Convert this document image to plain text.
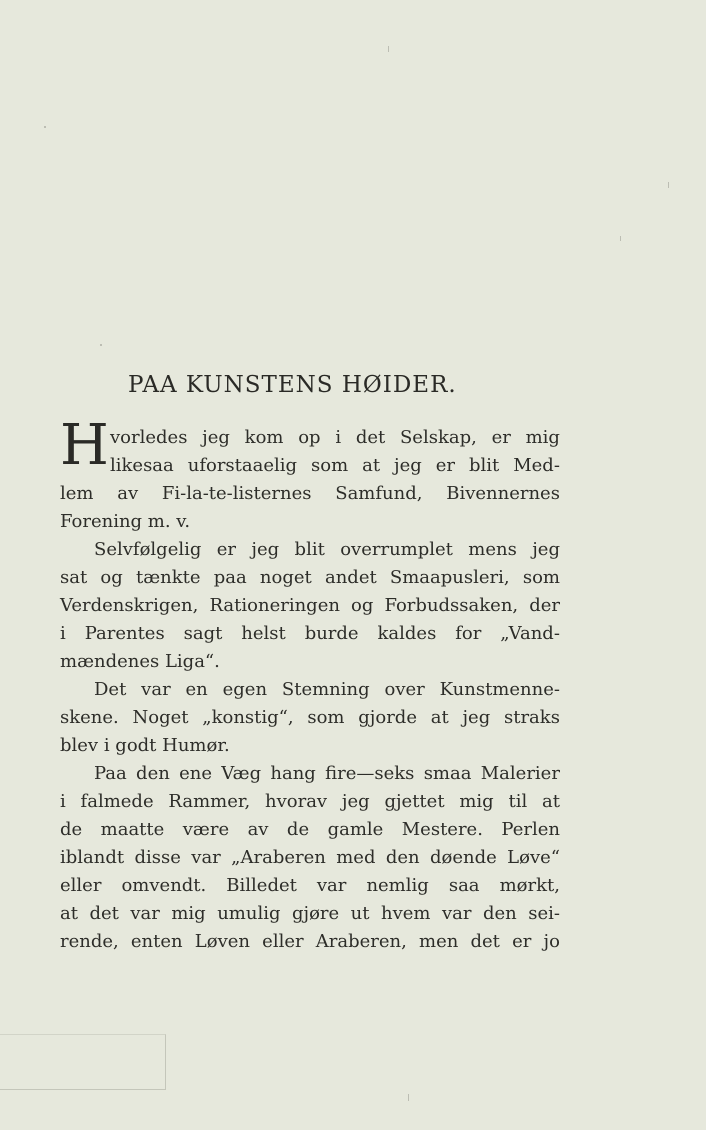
PAA KUNSTENS HØIDER.
H vorledes jeg kom op i det Selskap, er mig
likesaa uforstaaelig som at jeg er blit Med-
lem av Fi-la-te-listernes Samfund, Bivennernes
Forening m. v.
Selvfølgelig er jeg blit overrumplet mens jeg
sat og tænkte paa noget andet Smaapusleri, som
Verdenskrigen, Rationeringen og Forbudssaken, der
i Parentes sagt helst burde kaldes for „Vand-
mændenes Liga“.
Det var en egen Stemning over Kunstmenne-
skene. Noget „konstig“, som gjorde at jeg straks
blev i godt Humør.
Paa den ene Væg hang fire—seks smaa Malerier
i falmede Rammer, hvorav jeg gjettet mig til at
de maatte være av de gamle Mestere. Perlen
iblandt disse var „Araberen med den døende Løve“
eller omvendt. Billedet var nemlig saa mørkt,
at det var mig umulig gjøre ut hvem var den sei-
rende, enten Løven eller Araberen, men det er jo
